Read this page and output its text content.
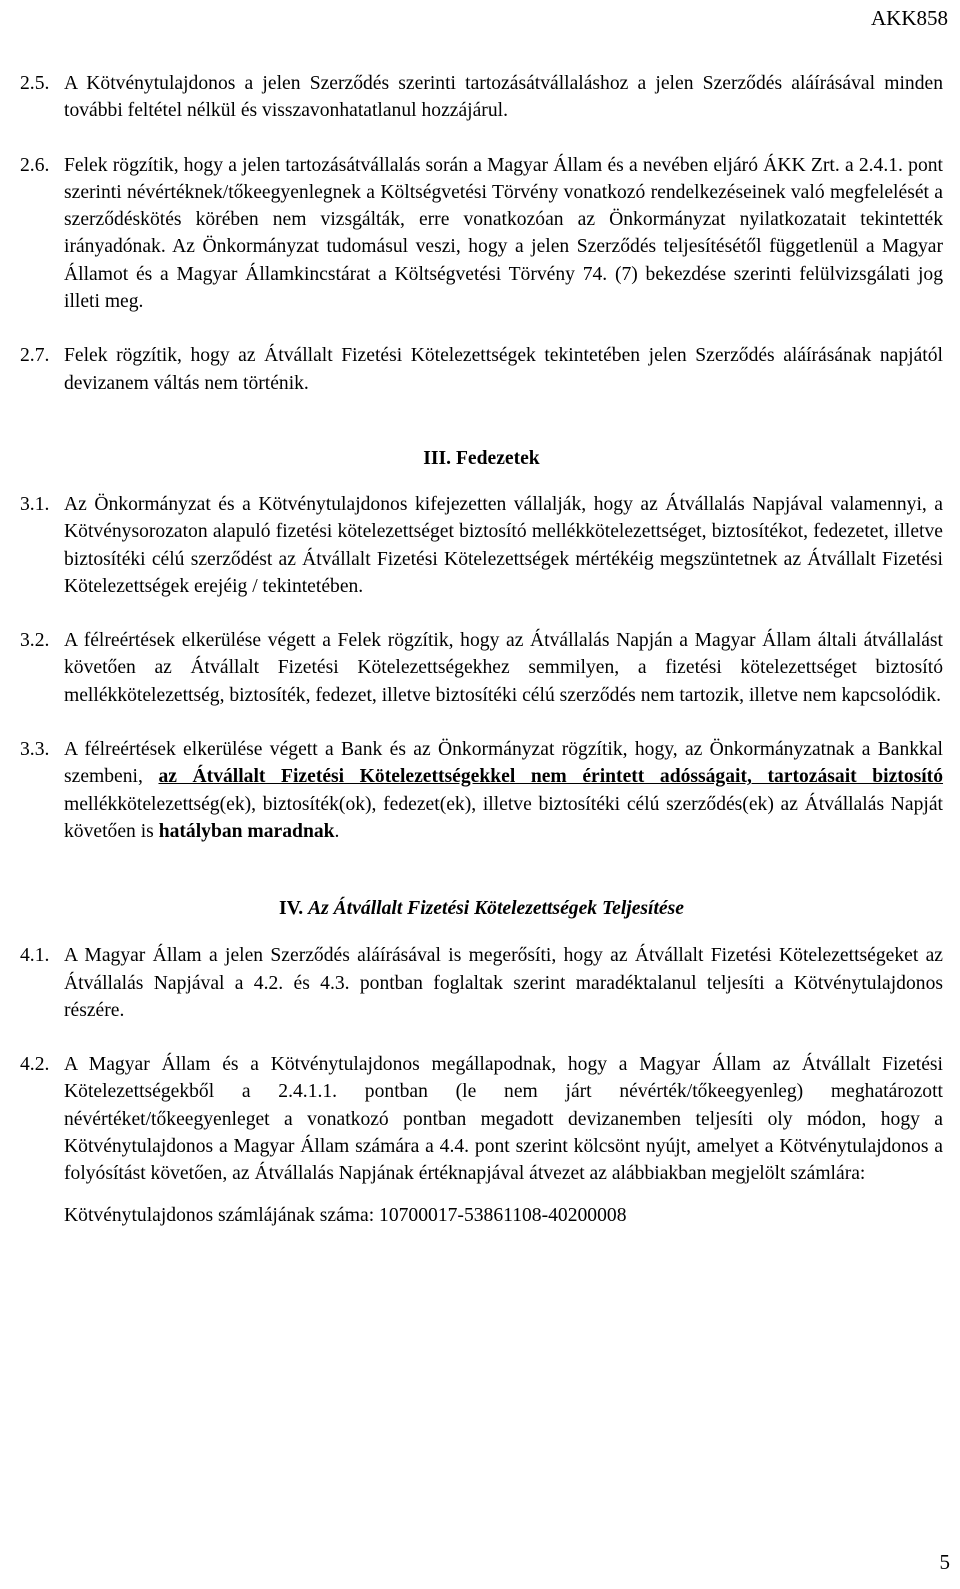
AKK858
2.5. A Kötvénytulajdonos a jelen Szerződés szerinti tartozásátvállaláshoz a jelen Szerződés aláírásával minden további feltétel nélkül és visszavonhatatlanul hozzájárul.
2.6. Felek rögzítik, hogy a jelen tartozásátvállalás során a Magyar Állam és a nevében eljáró ÁKK Zrt. a 2.4.1. pont szerinti névértéknek/tőkeegyenlegnek a Költségvetési Törvény vonatkozó rendelkezéseinek való megfelelését a szerződéskötés körében nem vizsgálták, erre vonatkozóan az Önkormányzat nyilatkozatait tekintették irányadónak. Az Önkormányzat tudomásul veszi, hogy a jelen Szerződés teljesítésétől függetlenül a Magyar Államot és a Magyar Államkincstárat a Költségvetési Törvény 74. (7) bekezdése szerinti felülvizsgálati jog illeti meg.
2.7. Felek rögzítik, hogy az Átvállalt Fizetési Kötelezettségek tekintetében jelen Szerződés aláírásának napjától devizanem váltás nem történik.
III. Fedezetek
3.1. Az Önkormányzat és a Kötvénytulajdonos kifejezetten vállalják, hogy az Átvállalás Napjával valamennyi, a Kötvénysorozaton alapuló fizetési kötelezettséget biztosító mellékkötelezettséget, biztosítékot, fedezetet, illetve biztosítéki célú szerződést az Átvállalt Fizetési Kötelezettségek mértékéig megszüntetnek az Átvállalt Fizetési Kötelezettségek erejéig / tekintetében.
3.2. A félreértések elkerülése végett a Felek rögzítik, hogy az Átvállalás Napján a Magyar Állam általi átvállalást követően az Átvállalt Fizetési Kötelezettségekhez semmilyen, a fizetési kötelezettséget biztosító mellékkötelezettség, biztosíték, fedezet, illetve biztosítéki célú szerződés nem tartozik, illetve nem kapcsolódik.
3.3. A félreértések elkerülése végett a Bank és az Önkormányzat rögzítik, hogy, az Önkormányzatnak a Bankkal szembeni, az Átvállalt Fizetési Kötelezettségekkel nem érintett adósságait, tartozásait biztosító mellékkötelezettség(ek), biztosíték(ok), fedezet(ek), illetve biztosítéki célú szerződés(ek) az Átvállalás Napját követően is hatályban maradnak.
IV. Az Átvállalt Fizetési Kötelezettségek Teljesítése
4.1. A Magyar Állam a jelen Szerződés aláírásával is megerősíti, hogy az Átvállalt Fizetési Kötelezettségeket az Átvállalás Napjával a 4.2. és 4.3. pontban foglaltak szerint maradéktalanul teljesíti a Kötvénytulajdonos részére.
4.2. A Magyar Állam és a Kötvénytulajdonos megállapodnak, hogy a Magyar Állam az Átvállalt Fizetési Kötelezettségekből a 2.4.1.1. pontban (le nem járt névérték/tőkeegyenleg) meghatározott névértéket/tőkeegyenleget a vonatkozó pontban megadott devizanemben teljesíti oly módon, hogy a Kötvénytulajdonos a Magyar Állam számára a 4.4. pont szerint kölcsönt nyújt, amelyet a Kötvénytulajdonos a folyósítást követően, az Átvállalás Napjának értéknapjával átvezet az alábbiakban megjelölt számlára:
Kötvénytulajdonos számlájának száma: 10700017-53861108-40200008
5
